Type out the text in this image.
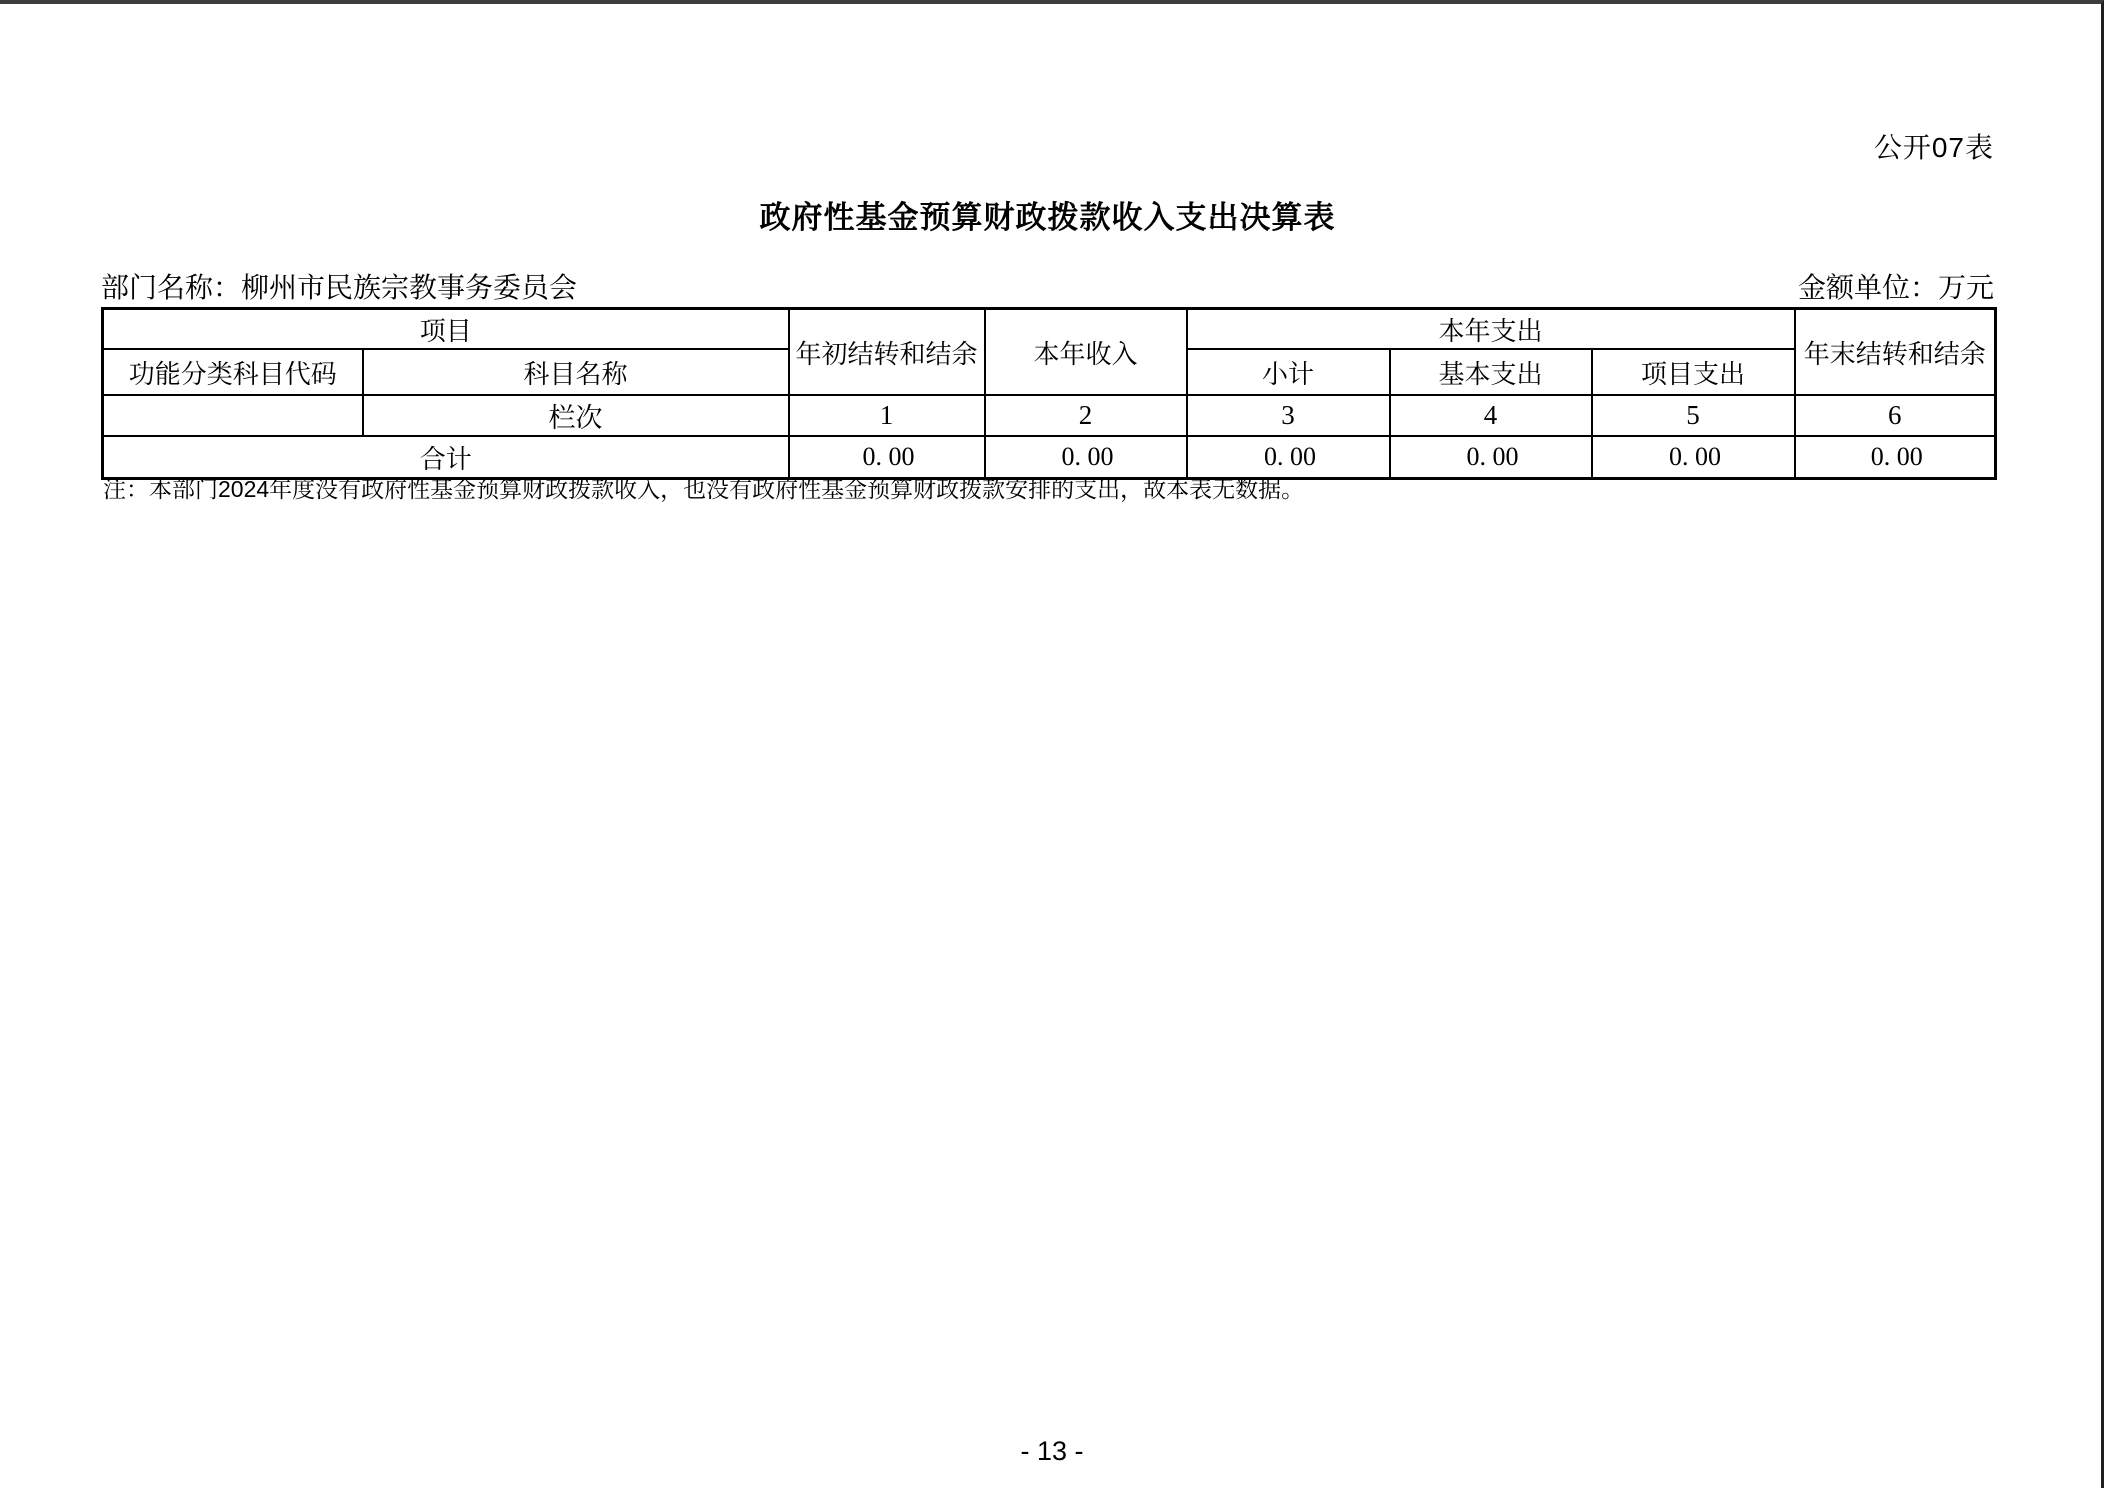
公开07表
政府性基金预算财政拨款收入支出决算表
部门名称：柳州市民族宗教事务委员会	金额单位：万元
项目		年初结转和结余	本年收入	本年支出			年末结转和结余
功能分类科目代码	科目名称			小计	基本支出	项目支出	
	栏次	1	2	3	4	5	6
合计		0. 00	0. 00	0. 00	0. 00	0. 00	0. 00
注：本部门2024年度没有政府性基金预算财政拨款收入，也没有政府性基金预算财政拨款安排的支出，故本表无数据。
- 13 -
